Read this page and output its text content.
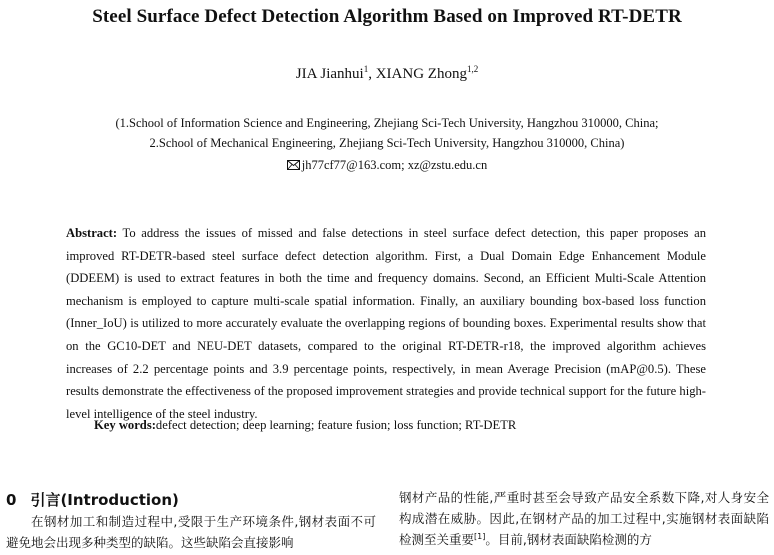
Steel Surface Defect Detection Algorithm Based on Improved RT-DETR
JIA Jianhui$^1$, XIANG Zhong$^{1,2}$
(1.School of Information Science and Engineering, Zhejiang Sci-Tech University, Hangzhou 310000, China;
2.School of Mechanical Engineering, Zhejiang Sci-Tech University, Hangzhou 310000, China)
jh77cf77@163.com; xz@zstu.edu.cn
Abstract: To address the issues of missed and false detections in steel surface defect detection, this paper proposes an improved RT-DETR-based steel surface defect detection algorithm. First, a Dual Domain Edge Enhancement Module (DDEEM) is used to extract features in both the time and frequency domains. Second, an Efficient Multi-Scale Attention mechanism is employed to capture multi-scale spatial information. Finally, an auxiliary bounding box-based loss function (Inner_IoU) is utilized to more accurately evaluate the overlapping regions of bounding boxes. Experimental results show that on the GC10-DET and NEU-DET datasets, compared to the original RT-DETR-r18, the improved algorithm achieves increases of 2.2 percentage points and 3.9 percentage points, respectively, in mean Average Precision (mAP@0.5). These results demonstrate the effectiveness of the proposed improvement strategies and provide technical support for the future high-level intelligence of the steel industry.
Key words:defect detection; deep learning; feature fusion; loss function; RT-DETR
0 引言(Introduction)
在钢材加工和制造过程中,受限于生产环境条件,钢材表面不可避免地会出现多种类型的缺陷。这些缺陷会直接影响
钢材产品的性能,严重时甚至会导致产品安全系数下降,对人身安全构成潜在威胁。因此,在钢材产品的加工过程中,实施钢材表面缺陷检测至关重要[1]。目前,钢材表面缺陷检测的方
